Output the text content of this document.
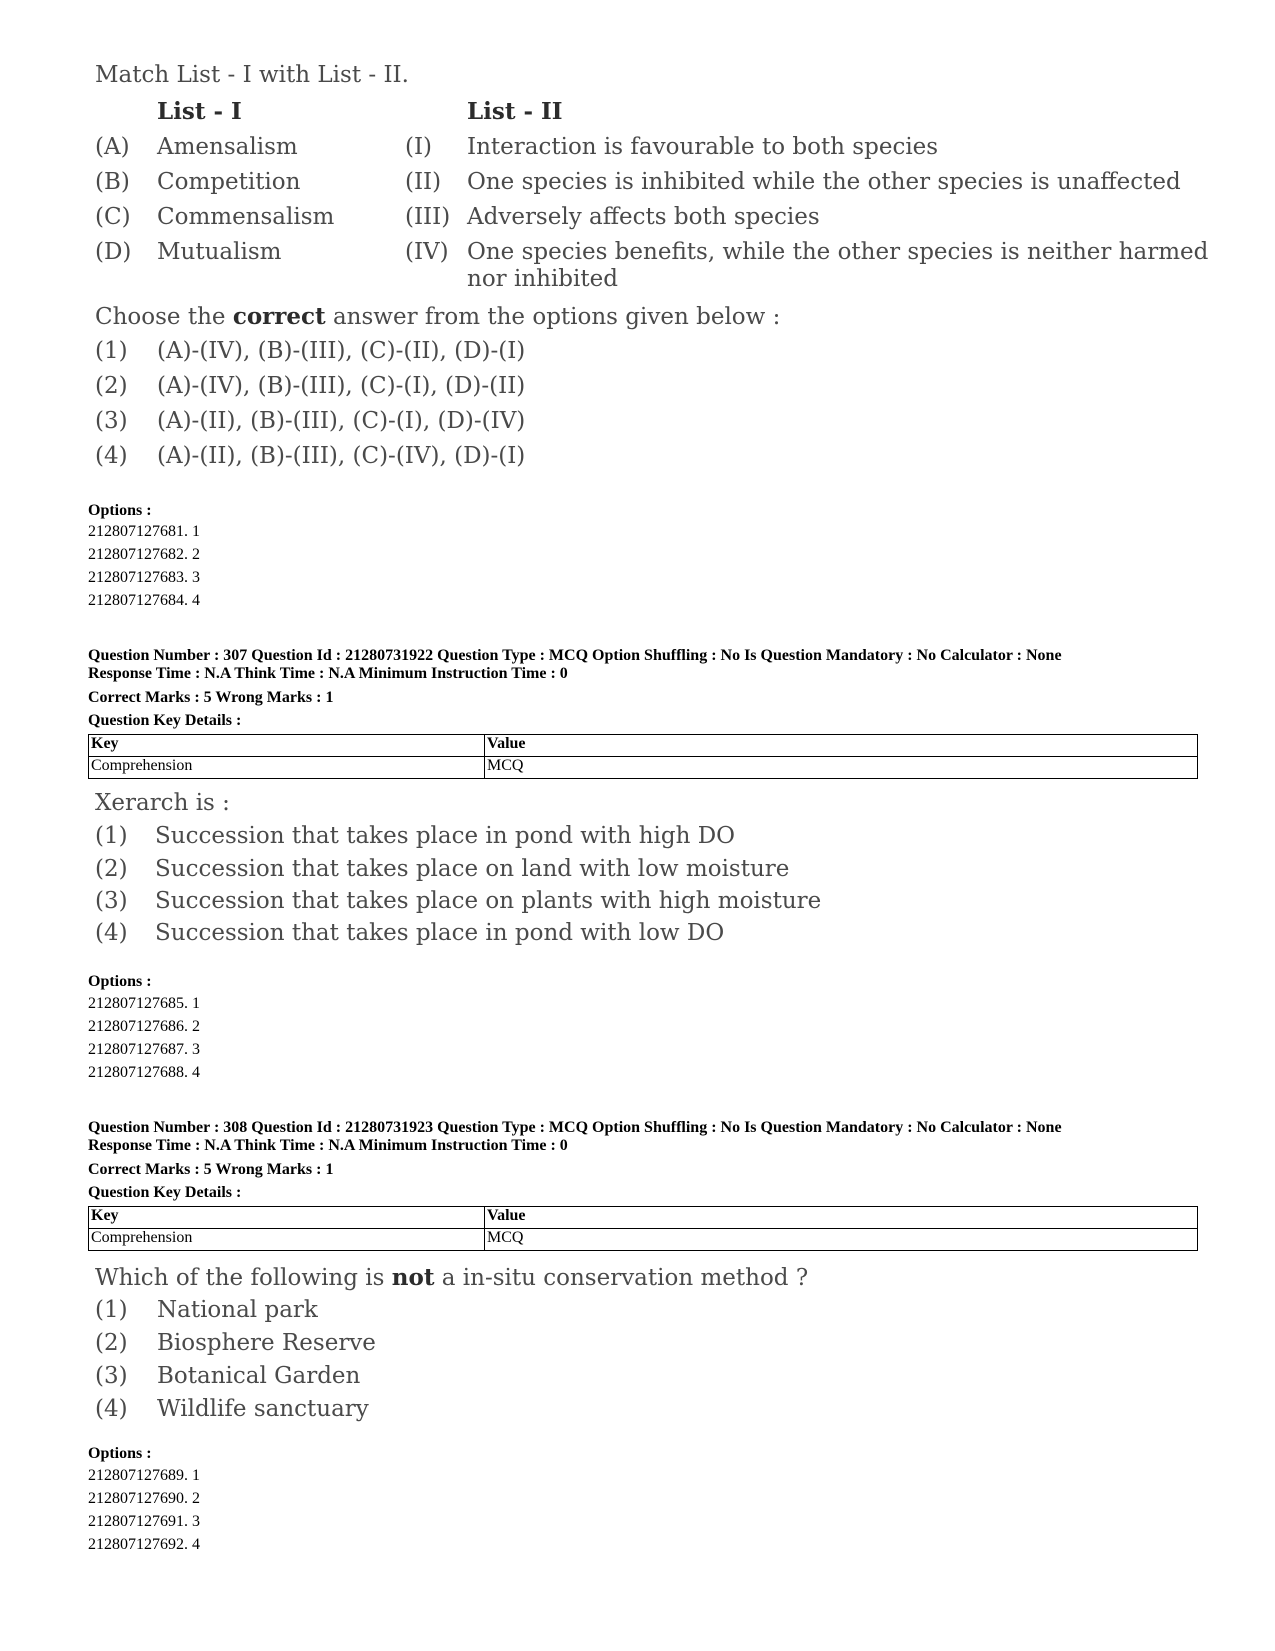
Match List - I with List - II.
List - I	List - II
(A) Amensalism	(I) Interaction is favourable to both species
(B) Competition	(II) One species is inhibited while the other species is unaffected
(C) Commensalism	(III) Adversely affects both species
(D) Mutualism	(IV) One species benefits, while the other species is neither harmed
nor inhibited
Choose the correct answer from the options given below :
(1) (A)-(IV), (B)-(III), (C)-(II), (D)-(I)
(2) (A)-(IV), (B)-(III), (C)-(I), (D)-(II)
(3) (A)-(II), (B)-(III), (C)-(I), (D)-(IV)
(4) (A)-(II), (B)-(III), (C)-(IV), (D)-(I)
Options :
212807127681. 1
212807127682. 2
212807127683. 3
212807127684. 4
Question Number : 307 Question Id : 21280731922 Question Type : MCQ Option Shuffling : No Is Question Mandatory : No Calculator : None
Response Time : N.A Think Time : N.A Minimum Instruction Time : 0
Correct Marks : 5 Wrong Marks : 1
Question Key Details :
Key	Value
Comprehension	MCQ
Xerarch is :
(1) Succession that takes place in pond with high DO
(2) Succession that takes place on land with low moisture
(3) Succession that takes place on plants with high moisture
(4) Succession that takes place in pond with low DO
Options :
212807127685. 1
212807127686. 2
212807127687. 3
212807127688. 4
Question Number : 308 Question Id : 21280731923 Question Type : MCQ Option Shuffling : No Is Question Mandatory : No Calculator : None
Response Time : N.A Think Time : N.A Minimum Instruction Time : 0
Correct Marks : 5 Wrong Marks : 1
Question Key Details :
Key	Value
Comprehension	MCQ
Which of the following is not a in-situ conservation method ?
(1) National park
(2) Biosphere Reserve
(3) Botanical Garden
(4) Wildlife sanctuary
Options :
212807127689. 1
212807127690. 2
212807127691. 3
212807127692. 4
